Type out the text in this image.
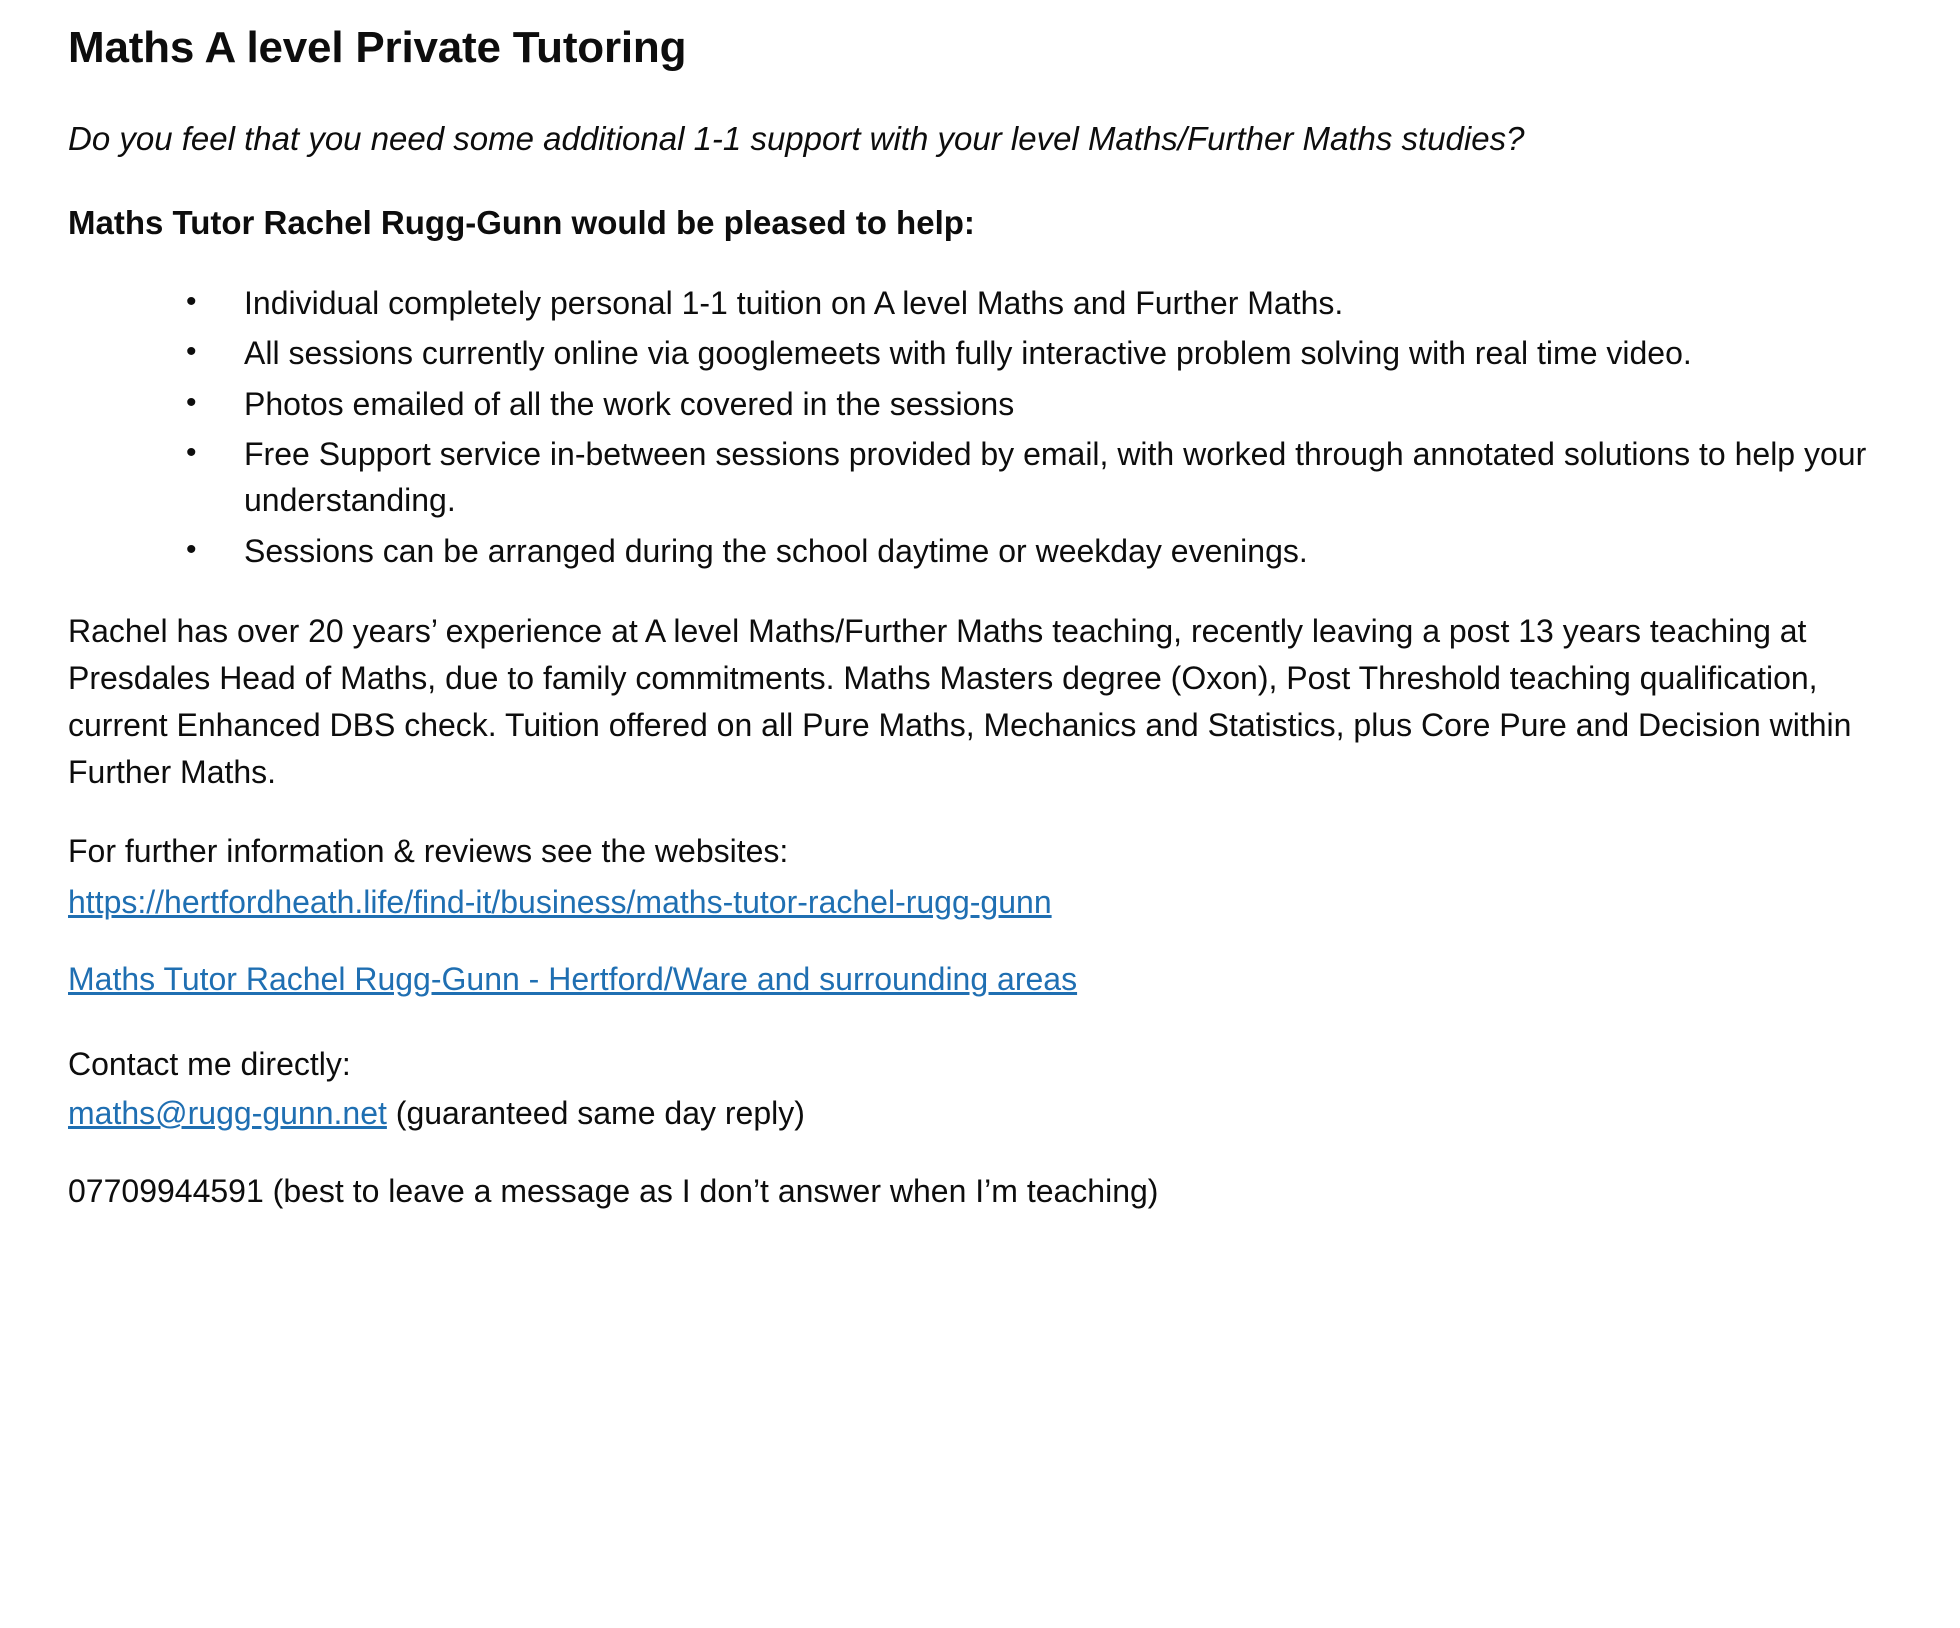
Maths A level Private Tutoring

Do you feel that you need some additional 1-1 support with your level Maths/Further Maths studies?

Maths Tutor Rachel Rugg-Gunn would be pleased to help:

• Individual completely personal 1-1 tuition on A level Maths and Further Maths.
• All sessions currently online via googlemeets with fully interactive problem solving with real time video.
• Photos emailed of all the work covered in the sessions
• Free Support service in-between sessions provided by email, with worked through annotated solutions to help your understanding.
• Sessions can be arranged during the school daytime or weekday evenings.

Rachel has over 20 years’ experience at A level Maths/Further Maths teaching, recently leaving a post 13 years teaching at Presdales Head of Maths, due to family commitments. Maths Masters degree (Oxon), Post Threshold teaching qualification, current Enhanced DBS check. Tuition offered on all Pure Maths, Mechanics and Statistics, plus Core Pure and Decision within Further Maths.

For further information & reviews see the websites:

https://hertfordheath.life/find-it/business/maths-tutor-rachel-rugg-gunn

Maths Tutor Rachel Rugg-Gunn - Hertford/Ware and surrounding areas

Contact me directly:

maths@rugg-gunn.net (guaranteed same day reply)

07709944591 (best to leave a message as I don’t answer when I’m teaching)
